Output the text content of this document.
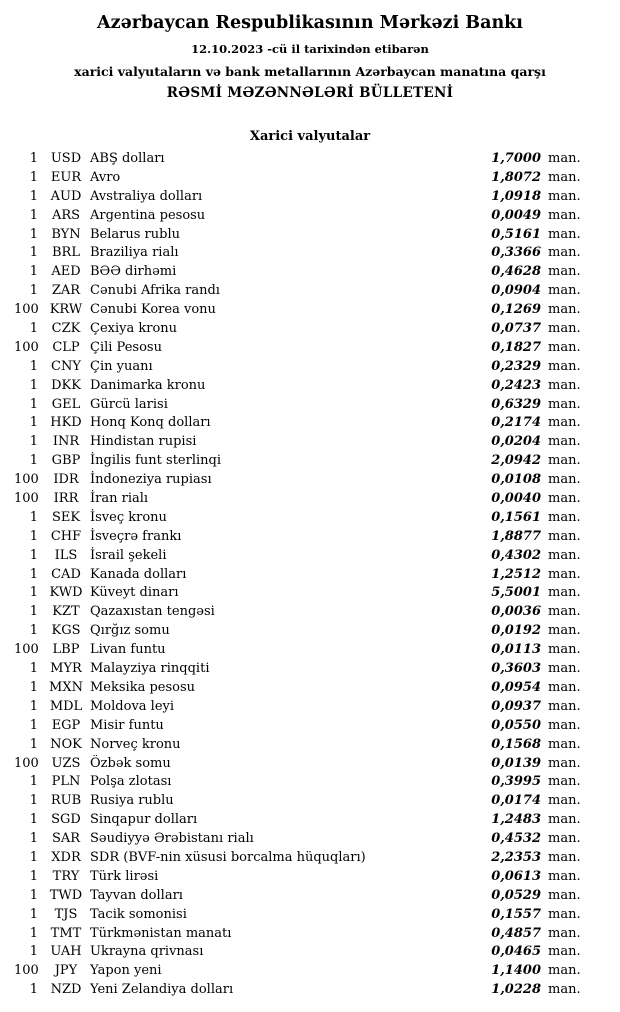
Azərbaycan Respublikasının Mərkəzi Bankı
12.10.2023 -cü il tarixindən etibarən
xarici valyutaların və bank metallarının Azərbaycan manatına qarşı
RƏSMİ MƏZƏNNƏLƏRİ BÜLLETENİ
Xarici valyutalar
1 USD ABŞ dolları	1,7000 man.
1 EUR Avro	1,8072 man.
1 AUD Avstraliya dolları	1,0918 man.
1	ARS Argentina pesosu	0,0049 man.
1	BYN Belarus rublu	0,5161 man.
1	BRL Braziliya rialı	0,3366 man.
1	AED BƏƏ dirhəmi	0,4628 man.
1	ZAR Cənubi Afrika randı	0,0904 man.
100 KRW Cənubi Korea vonu	0,1269 man.
1	CZK Çexiya kronu	0,0737 man.
100	CLP Çili Pesosu	0,1827 man.
1	CNY Çin yuanı	0,2329 man.
1	DKK Danimarka kronu	0,2423 man.
1	GEL Gürcü larisi	0,6329 man.
1 HKD Honq Konq dolları	0,2174 man.
1	INR Hindistan rupisi	0,0204 man.
1	GBP İngilis funt sterlinqi	2,0942 man.
100	IDR İndoneziya rupiası	0,0108 man.
100	IRR İran rialı	0,0040 man.
1	SEK İsveç kronu	0,1561 man.
1 CHF İsveçrə frankı	1,8877 man.
1	ILS İsrail şekeli	0,4302 man.
1	CAD Kanada dolları	1,2512 man.
1 KWD Küveyt dinarı	5,5001 man.
1	KZT Qazaxıstan tengəsi	0,0036 man.
1	KGS Qırğız somu	0,0192 man.
100	LBP Livan funtu	0,0113 man.
1 MYR Malayziya rinqqiti	0,3603 man.
1 MXN Meksika pesosu	0,0954 man.
1 MDL Moldova leyi	0,0937 man.
1	EGP Misir funtu	0,0550 man.
1 NOK Norveç kronu	0,1568 man.
100 UZS Özbək somu	0,0139 man.
1	PLN Polşa zlotası	0,3995 man.
1 RUB Rusiya rublu	0,0174 man.
1	SGD Sinqapur dolları	1,2483 man.
1	SAR Səudiyyə Ərəbistanı rialı	0,4532 man.
1	XDR SDR (BVF-nin xüsusi borcalma hüquqları)	2,2353 man.
1	TRY Türk lirəsi	0,0613 man.
1 TWD Tayvan dolları	0,0529 man.
1	TJS Tacik somonisi	0,1557 man.
1 TMT Türkmənistan manatı	0,4857 man.
1 UAH Ukrayna qrivnası	0,0465 man.
100	JPY Yapon yeni	1,1400 man.
1 NZD Yeni Zelandiya dolları	1,0228 man.
